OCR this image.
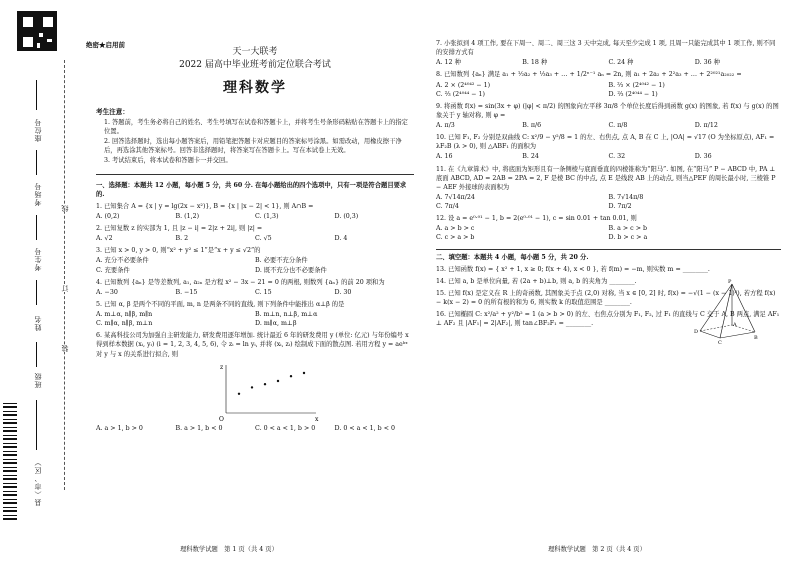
座位号
考场号
考生号
姓名
班级
县（市、区）
线
订
装
绝密★启用前
天一大联考
2022 届高中毕业班考前定位联合考试
理科数学
考生注意：

1. 答题前，考生务必将自己的姓名、考生号填写在试卷和答题卡上，并将考生号条形码粘贴在答题卡上的指定位置。

2. 回答选择题时，选出每小题答案后，用铅笔把答题卡对应题目的答案标号涂黑。如需改动，用橡皮擦干净后，再选涂其他答案标号。回答非选择题时，将答案写在答题卡上。写在本试卷上无效。

3. 考试结束后，将本试卷和答题卡一并交回。

一、选择题：本题共 12 小题，每小题 5 分，共 60 分. 在每小题给出的四个选项中，只有一项是符合题目要求的.
1. 已知集合 A = {x | y = lg(2x − x²)}, B = {x | |x − 2| < 1}, 则 A∩B =
A. (0,2)	B. (1,2)	C. (1,3)	D. (0,3)
2. 已知复数 z 的实部为 1, 且 |z − i| = 2|z + 2i|, 则 |z| =
A. √2	B. 2	C. √5	D. 4
3. 已知 x > 0, y > 0, 则“x² + y² ≤ 1”是“x + y ≤ √2”的
A. 充分不必要条件	B. 必要不充分条件
C. 充要条件	D. 既不充分也不必要条件
4. 已知数列 {aₙ} 是等差数列, a₁, a₂ₙ 是方程 x² − 3x − 21 = 0 的两根, 则数列 {aₙ} 的前 20 项和为
A. −30	B. −15	C. 15	D. 30
5. 已知 α, β 是两个不同的平面, m, n 是两条不同的直线, 则下列条件中能推出 α⊥β 的是
A. m⊥α, n∥β, m∥n	B. m⊥n, n⊥β, m⊥α
C. m∥α, n∥β, m⊥n	D. m∥α, m⊥β
6. 某高科技公司为加强自主研发能力, 研发费用逐年增加. 统计最近 6 年的研发费用 y (单位: 亿元) 与年份编号 x 得到样本数据 (xᵢ, yᵢ) (i = 1, 2, 3, 4, 5, 6), 令 zᵢ = ln yᵢ, 并将 (xᵢ, zᵢ) 绘制成下面的散点图. 若用方程 y = aeᵇˣ 对 y 与 x 的关系进行拟合, 则
x
z
O
A. a > 1, b > 0	B. a > 1, b < 0	C. 0 < a < 1, b > 0	D. 0 < a < 1, b < 0
7. 小张拟到 4 项工作, 要在下周一、周二、周三这 3 天中完成, 每天至少完成 1 项, 且周一只能完成其中 1 项工作, 则不同的安排方式有
A. 12 种	B. 18 种	C. 24 种	D. 36 种
8. 已知数列 {aₙ} 满足 a₁ + ½a₂ + ⅓a₃ + … + 1/2ⁿ⁻¹ aₙ = 2n, 则 a₁ + 2a₂ + 2²a₃ + … + 2²⁰²¹a₂₀₂₂ =
A. 2 × (2⁴⁰⁴² − 1)	B. ⅔ × (2⁴⁰⁴² − 1)
C. ⅔ (2⁴⁰⁴⁴ − 1)	D. ⅔ (2⁴⁰⁴⁴ − 1)
9. 将函数 f(x) = sin(3x + φ) (|φ| < π/2) 的图象向左平移 3π/8 个单位长度后得到函数 g(x) 的图象, 若 f(x) 与 g(x) 的图象关于 y 轴对称, 则 φ =
A. π/3	B. π/6	C. π/8	D. π/12
10. 已知 F₁, F₂ 分别是双曲线 C: x²/9 − y²/8 = 1 的左、右焦点, 点 A, B 在 C 上, |OA| = √17 (O 为坐标原点), AF₁ = λF₂B (λ > 0), 则 △ABF₁ 的面积为
A. 16	B. 24	C. 32	D. 36
11. 在《九章算术》中, 将底面为矩形且有一条侧棱与底面垂直的四棱锥称为“阳马”. 如图, 在“阳马” P − ABCD 中, PA ⊥ 底面 ABCD, AD = 2AB = 2PA = 2, F 是棱 BC 的中点, 点 E 是线段 AB 上的动点, 则当△PEF 的周长最小时, 三棱锥 P − AEF 外接球的表面积为
A. 7√14π/24	B. 7√14π/8
C. 7π/4	D. 7π/2
12. 设 a = e⁰·⁰¹ − 1, b = 2(e⁰·⁰¹ − 1), c = sin 0.01 + tan 0.01, 则
A. a > b > c	B. a > c > b
C. c > a > b	D. b > c > a
二、填空题：本题共 4 小题，每小题 5 分，共 20 分.
13. 已知函数 f(x) = { x² + 1, x ≥ 0; f(x + 4), x < 0 }, 若 f(m) = −m, 则实数 m = ________.
14. 已知 a, b 是单位向量, 若 (2a + b)⊥b, 则 a, b 的夹角为 ________.
15. 已知 f(x) 是定义在 R 上的奇函数, 其图象关于点 (2,0) 对称, 当 x ∈ [0, 2] 时, f(x) = −√(1 − (x − 1)²), 若方程 f(x) − k(x − 2) = 0 的所有根的和为 6, 则实数 k 的取值范围是 ________.
16. 已知椭圆 C: x²/a² + y²/b² = 1 (a > b > 0) 的左、右焦点分别为 F₁, F₂, 过 F₁ 的直线与 C 交于 A, B 两点, 满足 AF₁ ⊥ AF₂ 且 |AF₁| = 2|AF₂|, 则 tan∠BF₂F₁ = ________.
P
A
D
C
B
理科数学试题　第 1 页（共 4 页）	理科数学试题　第 2 页（共 4 页）
